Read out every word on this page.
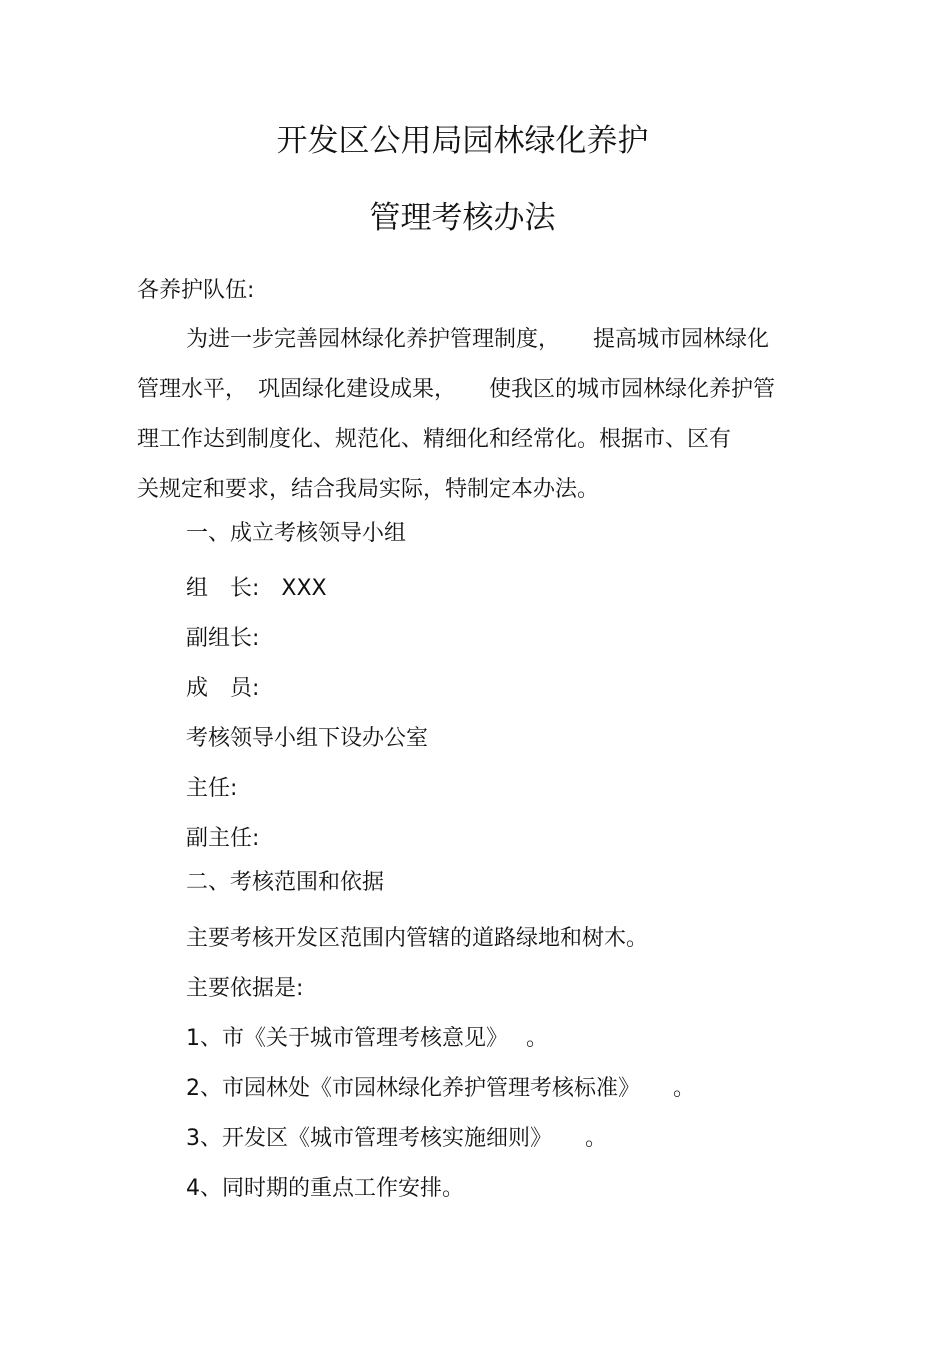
开发区公用局园林绿化养护
管理考核办法
各养护队伍:
为进一步完善园林绿化养护管理制度，　　提高城市园林绿化
管理水平，　巩固绿化建设成果，　　使我区的城市园林绿化养护管
理工作达到制度化、规范化、精细化和经常化。根据市、区有
关规定和要求，结合我局实际，特制定本办法。
一、成立考核领导小组
组　长:　XXX
副组长:
成　员:
考核领导小组下设办公室
主任:
副主任:
二、考核范围和依据
主要考核开发区范围内管辖的道路绿地和树木。
主要依据是:
1、市《关于城市管理考核意见》　 。
2、市园林处《市园林绿化养护管理考核标准》　　。
3、开发区《城市管理考核实施细则》　　。
4、同时期的重点工作安排。
